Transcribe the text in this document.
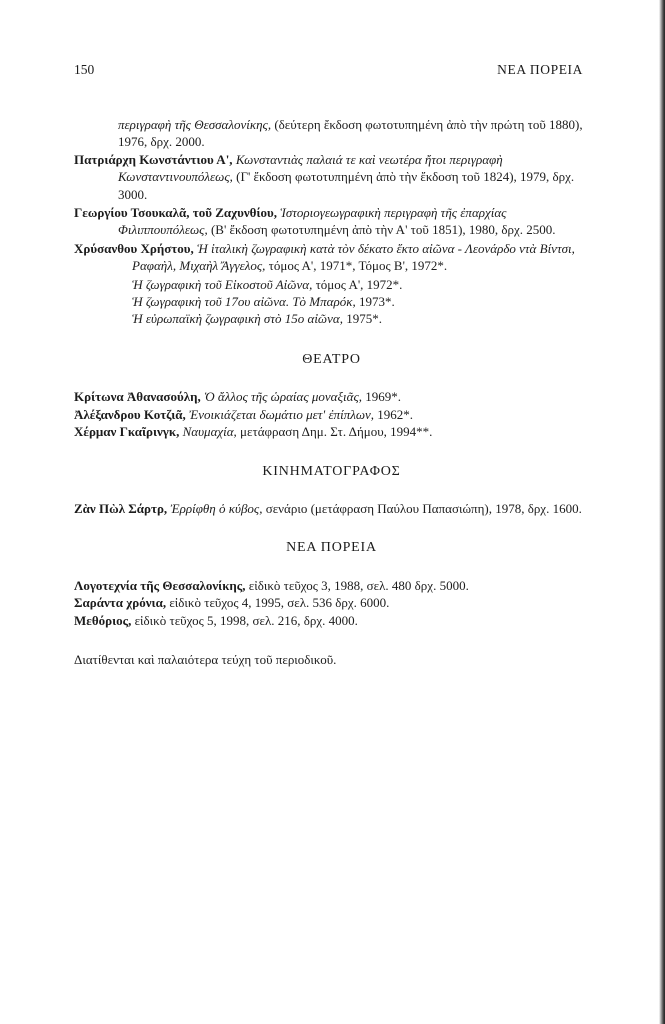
150	ΝΕΑ ΠΟΡΕΙΑ

περιγραφὴ τῆς Θεσσαλονίκης, (δεύτερη ἔκδοση φωτοτυπημένη ἀπὸ τὴν πρώτη τοῦ 1880), 1976, δρχ. 2000.

Πατριάρχη Κωνστάντιου Α', Κωνσταντιὰς παλαιά τε καὶ νεωτέρα ἤτοι περιγραφὴ Κωνσταντινουπόλεως, (Γ' ἔκδοση φωτοτυπημένη ἀπὸ τὴν ἔκδοση τοῦ 1824), 1979, δρχ. 3000.

Γεωργίου Τσουκαλᾶ, τοῦ Ζαχυνθίου, Ἱστοριογεωγραφικὴ περιγραφὴ τῆς ἐπαρχίας Φιλιππουπόλεως, (Β' ἔκδοση φωτοτυπημένη ἀπὸ τὴν Α' τοῦ 1851), 1980, δρχ. 2500.

Χρύσανθου Χρήστου, Ἡ ἰταλικὴ ζωγραφικὴ κατὰ τὸν δέκατο ἕκτο αἰῶνα - Λεονάρδο ντὰ Βίντσι, Ραφαὴλ, Μιχαὴλ Ἄγγελος, τόμος Α', 1971*, Τόμος Β', 1972*.

Ἡ ζωγραφικὴ τοῦ Εἰκοστοῦ Αἰῶνα, τόμος Α', 1972*.

Ἡ ζωγραφικὴ τοῦ 17ου αἰῶνα. Τὸ Μπαρόκ, 1973*.

Ἡ εὐρωπαϊκὴ ζωγραφικὴ στὸ 15ο αἰῶνα, 1975*.

ΘΕΑΤΡΟ

Κρίτωνα Ἀθανασούλη, Ὁ ἄλλος τῆς ὡραίας μοναξιᾶς, 1969*.

Ἀλέξανδρου Κοτζιᾶ, Ἐνοικιάζεται δωμάτιο μετ' ἐπίπλων, 1962*.

Χέρμαν Γκαῖρινγκ, Ναυμαχία, μετάφραση Δημ. Στ. Δήμου, 1994**.

ΚΙΝΗΜΑΤΟΓΡΑΦΟΣ

Ζὰν Πὼλ Σάρτρ, Ἐρρίφθη ὁ κύβος, σενάριο (μετάφραση Παύλου Παπασιώπη), 1978, δρχ. 1600.

ΝΕΑ ΠΟΡΕΙΑ

Λογοτεχνία τῆς Θεσσαλονίκης, εἰδικὸ τεῦχος 3, 1988, σελ. 480 δρχ. 5000.

Σαράντα χρόνια, εἰδικὸ τεῦχος 4, 1995, σελ. 536 δρχ. 6000.

Μεθόριος, εἰδικὸ τεῦχος 5, 1998, σελ. 216, δρχ. 4000.

Διατίθενται καὶ παλαιότερα τεύχη τοῦ περιοδικοῦ.
